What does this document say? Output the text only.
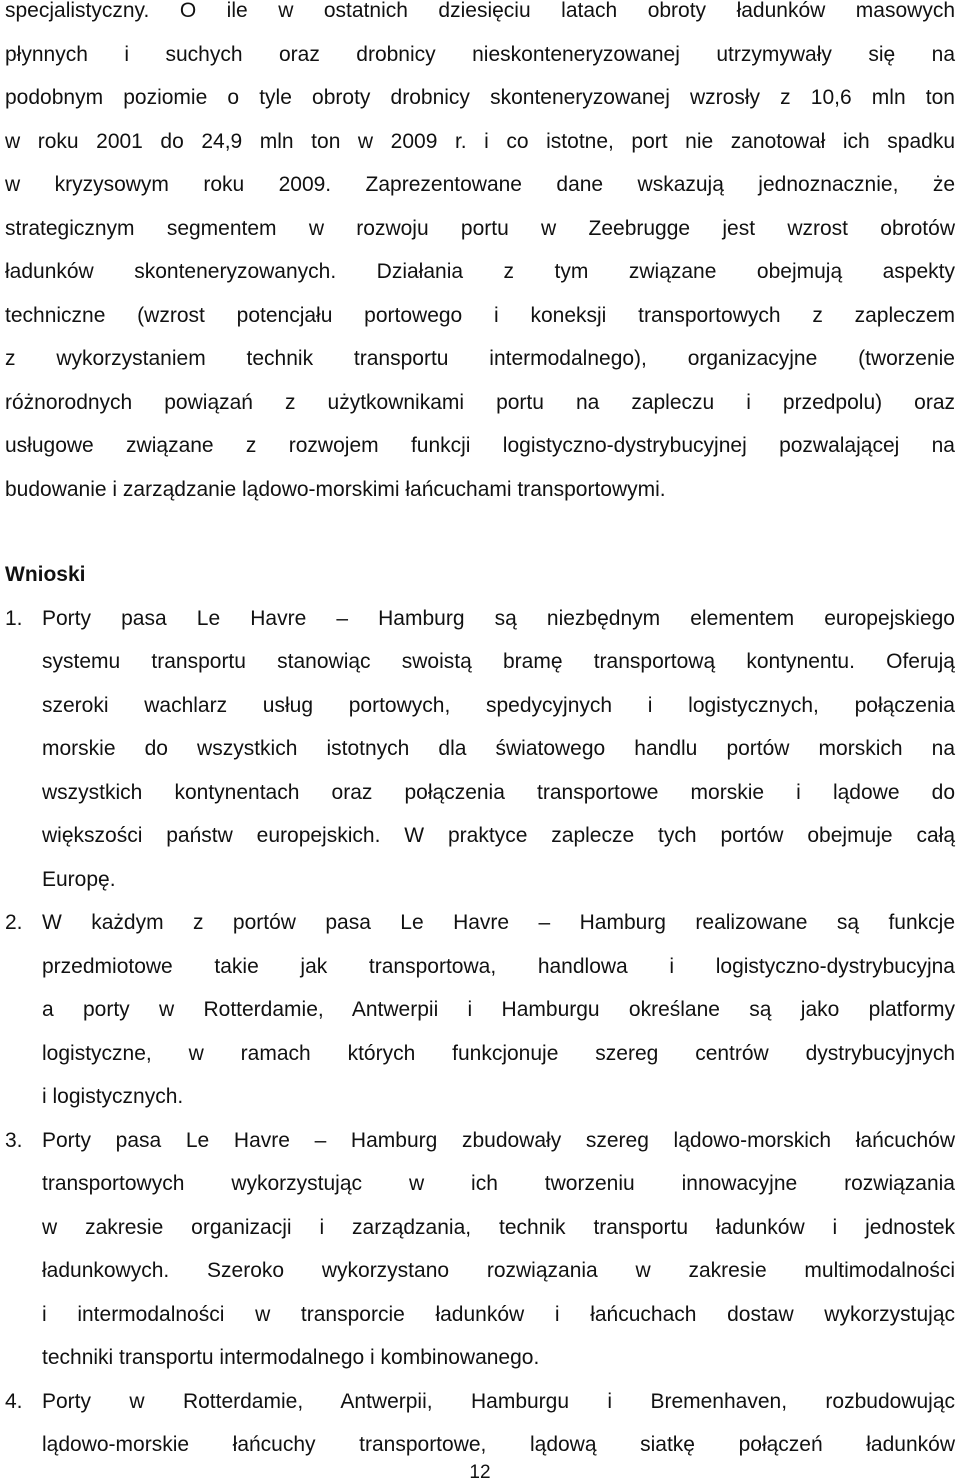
specjalistyczny. O ile w ostatnich dziesięciu latach obroty ładunków masowych
płynnych i suchych oraz drobnicy nieskonteneryzowanej utrzymywały się na
podobnym poziomie o tyle obroty drobnicy skonteneryzowanej wzrosły z 10,6 mln ton
w roku 2001 do 24,9 mln ton w 2009 r. i co istotne, port nie zanotował ich spadku
w kryzysowym roku 2009. Zaprezentowane dane wskazują jednoznacznie, że
strategicznym segmentem w rozwoju portu w Zeebrugge jest wzrost obrotów
ładunków skonteneryzowanych. Działania z tym związane obejmują aspekty
techniczne (wzrost potencjału portowego i koneksji transportowych z zapleczem
z wykorzystaniem technik transportu intermodalnego), organizacyjne (tworzenie
różnorodnych powiązań z użytkownikami portu na zapleczu i przedpolu) oraz
usługowe związane z rozwojem funkcji logistyczno-dystrybucyjnej pozwalającej na
budowanie i zarządzanie lądowo-morskimi łańcuchami transportowymi.
Wnioski
1. Porty pasa Le Havre – Hamburg są niezbędnym elementem europejskiego
systemu transportu stanowiąc swoistą bramę transportową kontynentu. Oferują
szeroki wachlarz usług portowych, spedycyjnych i logistycznych, połączenia
morskie do wszystkich istotnych dla światowego handlu portów morskich na
wszystkich kontynentach oraz połączenia transportowe morskie i lądowe do
większości państw europejskich. W praktyce zaplecze tych portów obejmuje całą
Europę.
2. W każdym z portów pasa Le Havre – Hamburg realizowane są funkcje
przedmiotowe takie jak transportowa, handlowa i logistyczno-dystrybucyjna
a porty w Rotterdamie, Antwerpii i Hamburgu określane są jako platformy
logistyczne, w ramach których funkcjonuje szereg centrów dystrybucyjnych
i logistycznych.
3. Porty pasa Le Havre – Hamburg zbudowały szereg lądowo-morskich łańcuchów
transportowych wykorzystując w ich tworzeniu innowacyjne rozwiązania
w zakresie organizacji i zarządzania, technik transportu ładunków i jednostek
ładunkowych. Szeroko wykorzystano rozwiązania w zakresie multimodalności
i intermodalności w transporcie ładunków i łańcuchach dostaw wykorzystując
techniki transportu intermodalnego i kombinowanego.
4. Porty w Rotterdamie, Antwerpii, Hamburgu i Bremenhaven, rozbudowując
lądowo-morskie łańcuchy transportowe, lądową siatkę połączeń ładunków
12
